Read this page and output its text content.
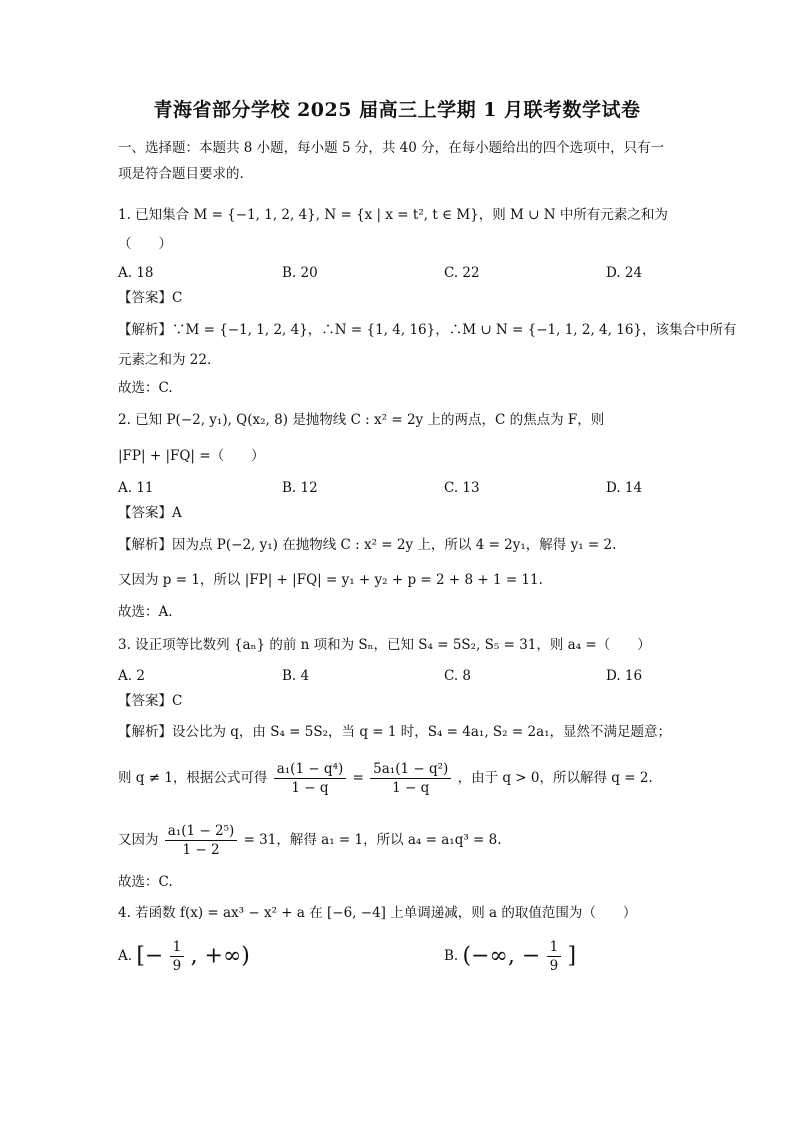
青海省部分学校 2025 届高三上学期 1 月联考数学试卷
一、选择题：本题共 8 小题，每小题 5 分，共 40 分，在每小题给出的四个选项中，只有一
项是符合题目要求的.
1. 已知集合 M = {−1, 1, 2, 4}, N = {x | x = t², t ∈ M}，则 M ∪ N 中所有元素之和为
（　　）
A. 18	B. 20	C. 22	D. 24
【答案】C
【解析】∵M = {−1, 1, 2, 4}，∴N = {1, 4, 16}，∴M ∪ N = {−1, 1, 2, 4, 16}，该集合中所有
元素之和为 22.
故选：C.
2. 已知 P(−2, y₁), Q(x₂, 8) 是抛物线 C : x² = 2y 上的两点，C 的焦点为 F，则
|FP| + |FQ| =（　　）
A. 11	B. 12	C. 13	D. 14
【答案】A
【解析】因为点 P(−2, y₁) 在抛物线 C : x² = 2y 上，所以 4 = 2y₁，解得 y₁ = 2.
又因为 p = 1，所以 |FP| + |FQ| = y₁ + y₂ + p = 2 + 8 + 1 = 11.
故选：A.
3. 设正项等比数列 {aₙ} 的前 n 项和为 Sₙ，已知 S₄ = 5S₂, S₅ = 31，则 a₄ =（　　）
A. 2	B. 4	C. 8	D. 16
【答案】C
【解析】设公比为 q，由 S₄ = 5S₂，当 q = 1 时，S₄ = 4a₁, S₂ = 2a₁，显然不满足题意；
则 q ≠ 1，根据公式可得 $\frac{\text{a₁(1 − q⁴)}}{1 - q} = \frac{\text{5a₁(1 − q²)}}{1 - q}$ ，由于 q > 0，所以解得 q = 2.
又因为 $\frac{\text{a₁(1 − 2⁵)}}{1 - 2} = 31$，解得 a₁ = 1，所以 a₄ = a₁q³ = 8.
故选：C.
4. 若函数 f(x) = ax³ − x² + a 在 [−6, −4] 上单调递减，则 a 的取值范围为（　　）
A. [− $\frac{1}{9}$ , +∞)	B. (−∞, − $\frac{1}{9}$ ]
